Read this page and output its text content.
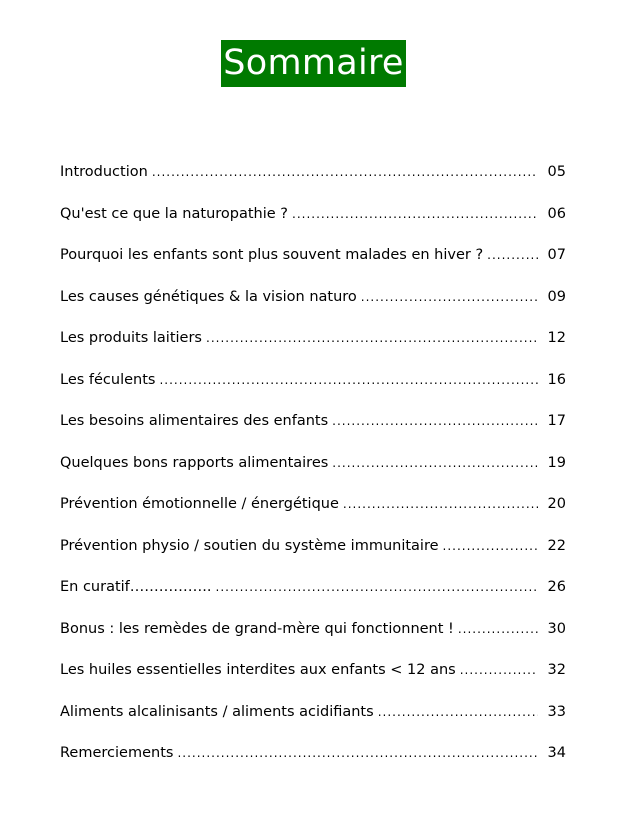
Sommaire
Introduction .....	05
Qu'est ce que la naturopathie ? .....	06
Pourquoi les enfants sont plus souvent malades en hiver ? .....	07
Les causes génétiques & la vision naturo .....	09
Les produits laitiers .....	12
Les féculents .....	16
Les besoins alimentaires des enfants .....	17
Quelques bons rapports alimentaires .....	19
Prévention émotionnelle / énergétique .....	20
Prévention physio / soutien du système immunitaire .....	22
En curatif…………….. .....	26
Bonus : les remèdes de grand-mère qui fonctionnent ! .....	30
Les huiles essentielles interdites aux enfants < 12 ans .....	32
Aliments alcalinisants / aliments acidifiants .....	33
Remerciements .....	34
